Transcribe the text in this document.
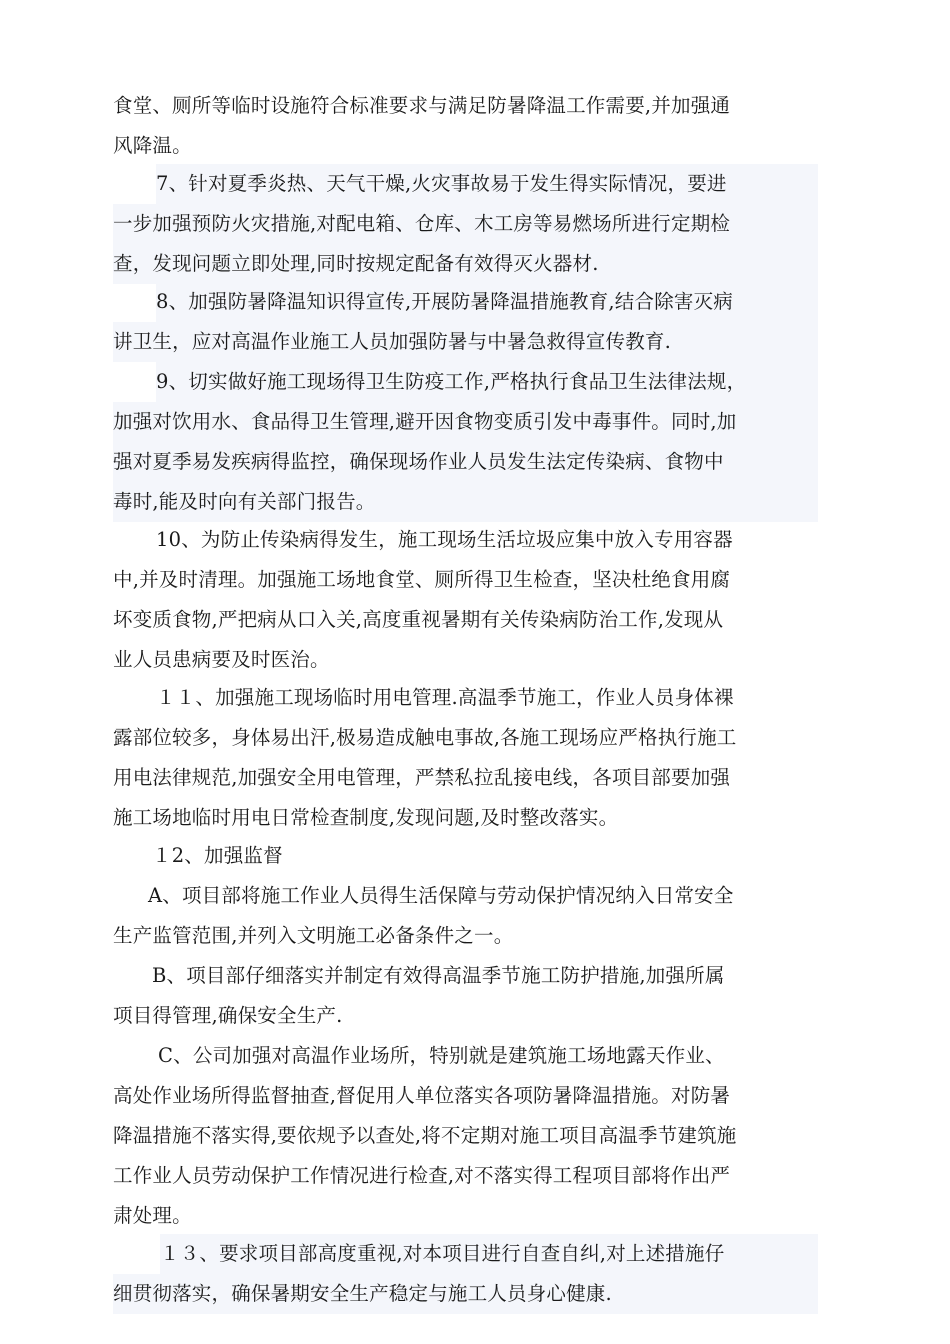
食堂、厕所等临时设施符合标准要求与满足防暑降温工作需要,并加强通
风降温。
7、针对夏季炎热、天气干燥,火灾事故易于发生得实际情况，要进
一步加强预防火灾措施,对配电箱、仓库、木工房等易燃场所进行定期检
查，发现问题立即处理,同时按规定配备有效得灭火器材.
8、加强防暑降温知识得宣传,开展防暑降温措施教育,结合除害灭病
讲卫生，应对高温作业施工人员加强防暑与中暑急救得宣传教育.
9、切实做好施工现场得卫生防疫工作,严格执行食品卫生法律法规，
加强对饮用水、食品得卫生管理,避开因食物变质引发中毒事件。同时,加
强对夏季易发疾病得监控，确保现场作业人员发生法定传染病、食物中
毒时,能及时向有关部门报告。
10、为防止传染病得发生，施工现场生活垃圾应集中放入专用容器
中,并及时清理。加强施工场地食堂、厕所得卫生检查，坚决杜绝食用腐
坏变质食物,严把病从口入关,高度重视暑期有关传染病防治工作,发现从
业人员患病要及时医治。
１１、加强施工现场临时用电管理.高温季节施工，作业人员身体裸
露部位较多，身体易出汗,极易造成触电事故,各施工现场应严格执行施工
用电法律规范,加强安全用电管理，严禁私拉乱接电线，各项目部要加强
施工场地临时用电日常检查制度,发现问题,及时整改落实。
１2、加强监督
A、项目部将施工作业人员得生活保障与劳动保护情况纳入日常安全
生产监管范围,并列入文明施工必备条件之一。
B、项目部仔细落实并制定有效得高温季节施工防护措施,加强所属
项目得管理,确保安全生产.
C、公司加强对高温作业场所，特别就是建筑施工场地露天作业、
高处作业场所得监督抽查,督促用人单位落实各项防暑降温措施。对防暑
降温措施不落实得,要依规予以查处,将不定期对施工项目高温季节建筑施
工作业人员劳动保护工作情况进行检查,对不落实得工程项目部将作出严
肃处理。
１３、要求项目部高度重视,对本项目进行自查自纠,对上述措施仔
细贯彻落实，确保暑期安全生产稳定与施工人员身心健康.
